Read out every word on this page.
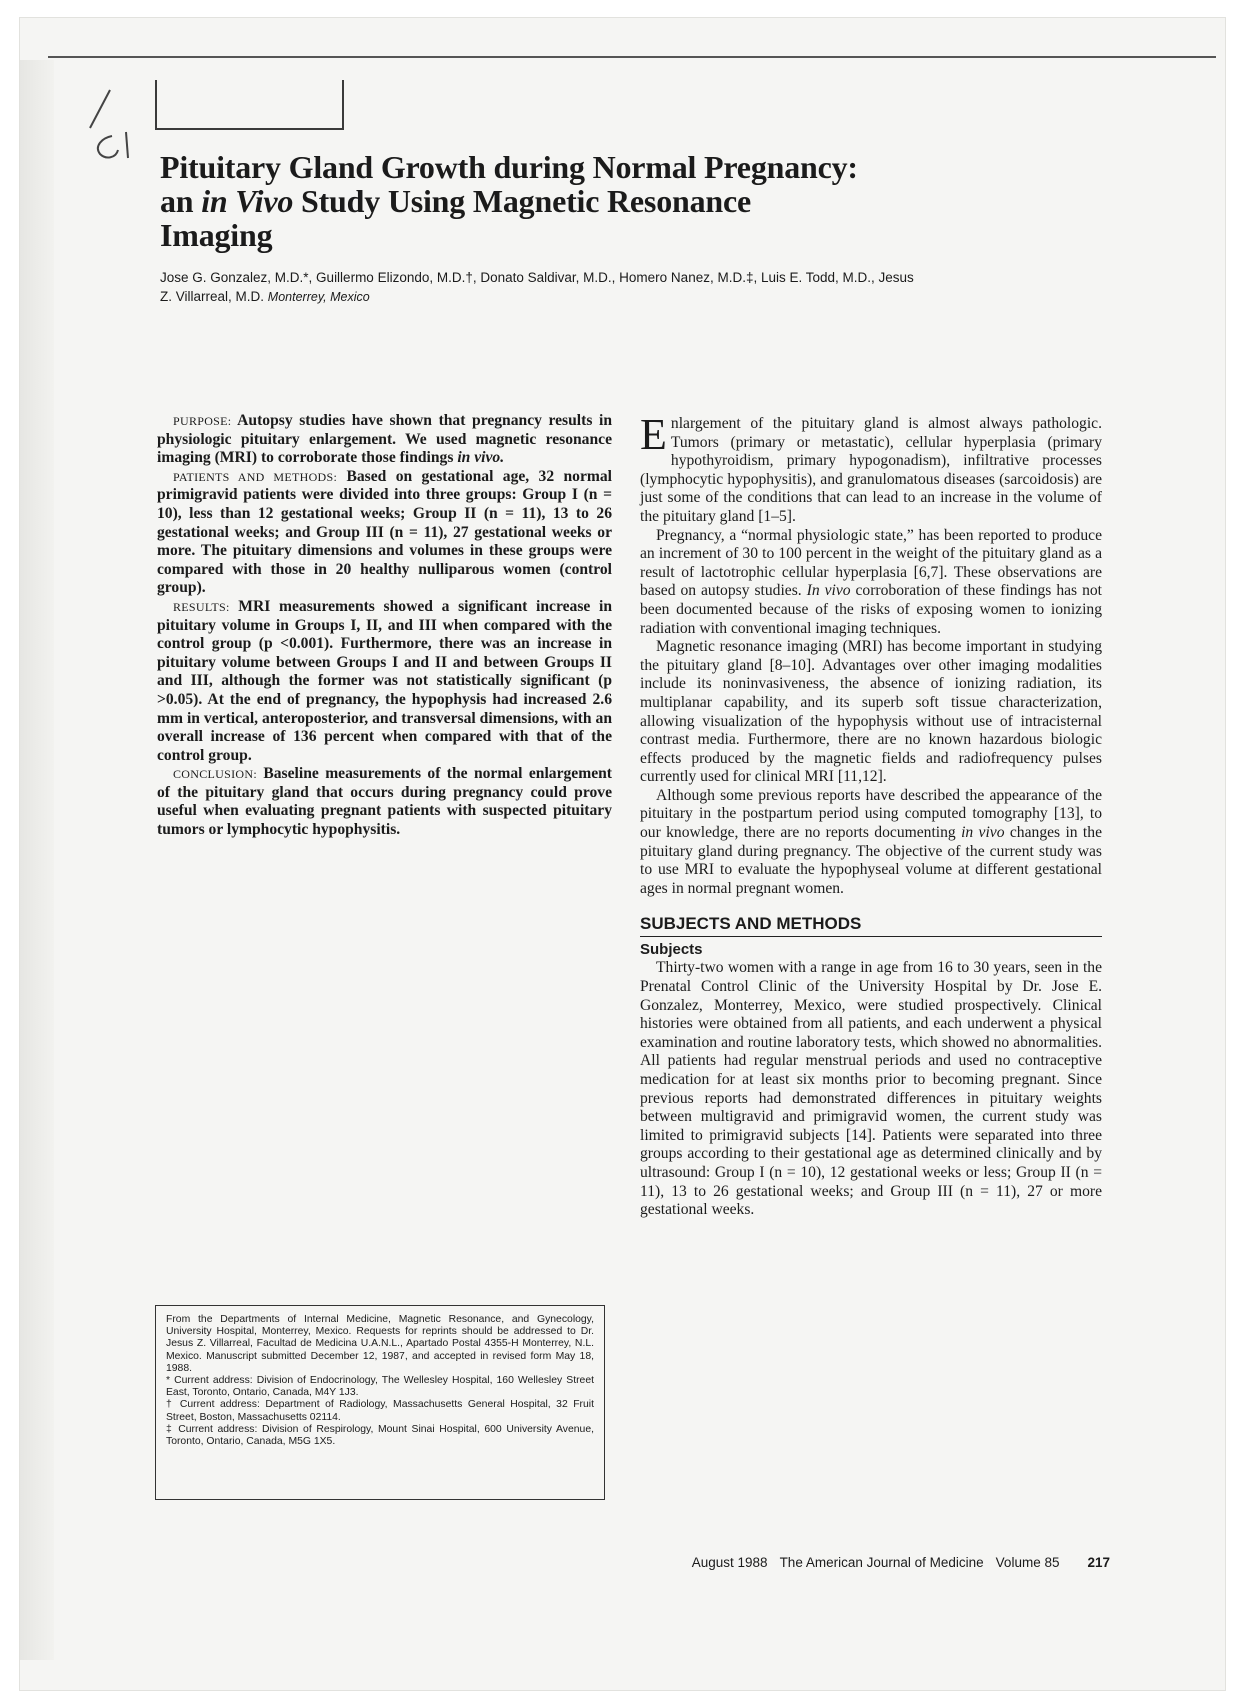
Pituitary Gland Growth during Normal Pregnancy:
an in Vivo Study Using Magnetic Resonance
Imaging

Jose G. Gonzalez, M.D.*, Guillermo Elizondo, M.D.†, Donato Saldivar, M.D., Homero Nanez, M.D.‡, Luis E. Todd, M.D., Jesus Z. Villarreal, M.D. Monterrey, Mexico

PURPOSE: Autopsy studies have shown that pregnancy results in physiologic pituitary enlargement. We used magnetic resonance imaging (MRI) to corroborate those findings in vivo.

PATIENTS AND METHODS: Based on gestational age, 32 normal primigravid patients were divided into three groups: Group I (n = 10), less than 12 gestational weeks; Group II (n = 11), 13 to 26 gestational weeks; and Group III (n = 11), 27 gestational weeks or more. The pituitary dimensions and volumes in these groups were compared with those in 20 healthy nulliparous women (control group).

RESULTS: MRI measurements showed a significant increase in pituitary volume in Groups I, II, and III when compared with the control group (p <0.001). Furthermore, there was an increase in pituitary volume between Groups I and II and between Groups II and III, although the former was not statistically significant (p >0.05). At the end of pregnancy, the hypophysis had increased 2.6 mm in vertical, anteroposterior, and transversal dimensions, with an overall increase of 136 percent when compared with that of the control group.

CONCLUSION: Baseline measurements of the normal enlargement of the pituitary gland that occurs during pregnancy could prove useful when evaluating pregnant patients with suspected pituitary tumors or lymphocytic hypophysitis.

Enlargement of the pituitary gland is almost always pathologic. Tumors (primary or metastatic), cellular hyperplasia (primary hypothyroidism, primary hypogonadism), infiltrative processes (lymphocytic hypophysitis), and granulomatous diseases (sarcoidosis) are just some of the conditions that can lead to an increase in the volume of the pituitary gland [1–5].

Pregnancy, a “normal physiologic state,” has been reported to produce an increment of 30 to 100 percent in the weight of the pituitary gland as a result of lactotrophic cellular hyperplasia [6,7]. These observations are based on autopsy studies. In vivo corroboration of these findings has not been documented because of the risks of exposing women to ionizing radiation with conventional imaging techniques.

Magnetic resonance imaging (MRI) has become important in studying the pituitary gland [8–10]. Advantages over other imaging modalities include its noninvasiveness, the absence of ionizing radiation, its multiplanar capability, and its superb soft tissue characterization, allowing visualization of the hypophysis without use of intracisternal contrast media. Furthermore, there are no known hazardous biologic effects produced by the magnetic fields and radiofrequency pulses currently used for clinical MRI [11,12].

Although some previous reports have described the appearance of the pituitary in the postpartum period using computed tomography [13], to our knowledge, there are no reports documenting in vivo changes in the pituitary gland during pregnancy. The objective of the current study was to use MRI to evaluate the hypophyseal volume at different gestational ages in normal pregnant women.

SUBJECTS AND METHODS
Subjects

Thirty-two women with a range in age from 16 to 30 years, seen in the Prenatal Control Clinic of the University Hospital by Dr. Jose E. Gonzalez, Monterrey, Mexico, were studied prospectively. Clinical histories were obtained from all patients, and each underwent a physical examination and routine laboratory tests, which showed no abnormalities. All patients had regular menstrual periods and used no contraceptive medication for at least six months prior to becoming pregnant. Since previous reports had demonstrated differences in pituitary weights between multigravid and primigravid women, the current study was limited to primigravid subjects [14]. Patients were separated into three groups according to their gestational age as determined clinically and by ultrasound: Group I (n = 10), 12 gestational weeks or less; Group II (n = 11), 13 to 26 gestational weeks; and Group III (n = 11), 27 or more gestational weeks.

From the Departments of Internal Medicine, Magnetic Resonance, and Gynecology, University Hospital, Monterrey, Mexico. Requests for reprints should be addressed to Dr. Jesus Z. Villarreal, Facultad de Medicina U.A.N.L., Apartado Postal 4355-H Monterrey, N.L. Mexico. Manuscript submitted December 12, 1987, and accepted in revised form May 18, 1988.

* Current address: Division of Endocrinology, The Wellesley Hospital, 160 Wellesley Street East, Toronto, Ontario, Canada, M4Y 1J3.

† Current address: Department of Radiology, Massachusetts General Hospital, 32 Fruit Street, Boston, Massachusetts 02114.

‡ Current address: Division of Respirology, Mount Sinai Hospital, 600 University Avenue, Toronto, Ontario, Canada, M5G 1X5.

August 1988 The American Journal of Medicine Volume 85 217
